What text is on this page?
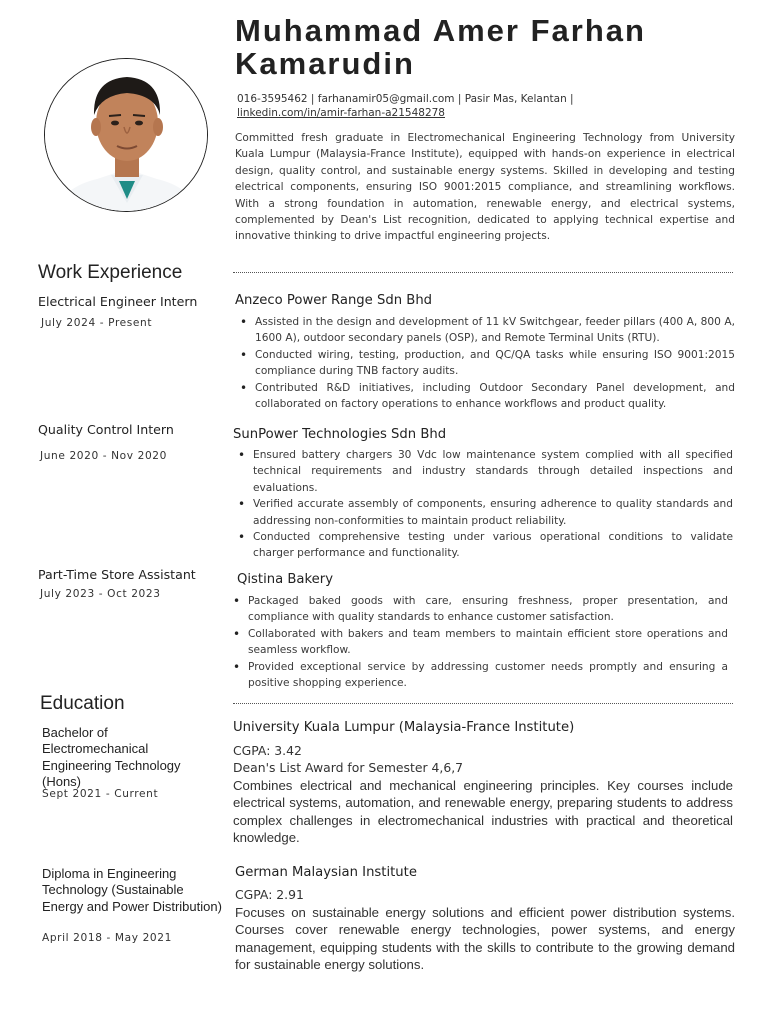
Muhammad Amer Farhan Kamarudin
016-3595462 | farhanamir05@gmail.com | Pasir Mas, Kelantan |
linkedin.com/in/amir-farhan-a21548278

Committed fresh graduate in Electromechanical Engineering Technology from University Kuala Lumpur (Malaysia-France Institute), equipped with hands-on experience in electrical design, quality control, and sustainable energy systems. Skilled in developing and testing electrical components, ensuring ISO 9001:2015 compliance, and streamlining workflows. With a strong foundation in automation, renewable energy, and electrical systems, complemented by Dean's List recognition, dedicated to applying technical expertise and innovative thinking to drive impactful engineering projects.

Work Experience
Electrical Engineer Intern
July 2024 - Present
Anzeco Power Range Sdn Bhd
• Assisted in the design and development of 11 kV Switchgear, feeder pillars (400 A, 800 A, 1600 A), outdoor secondary panels (OSP), and Remote Terminal Units (RTU).
• Conducted wiring, testing, production, and QC/QA tasks while ensuring ISO 9001:2015 compliance during TNB factory audits.
• Contributed R&D initiatives, including Outdoor Secondary Panel development, and collaborated on factory operations to enhance workflows and product quality.
Quality Control Intern
June 2020 - Nov 2020
SunPower Technologies Sdn Bhd
• Ensured battery chargers 30 Vdc low maintenance system complied with all specified technical requirements and industry standards through detailed inspections and evaluations.
• Verified accurate assembly of components, ensuring adherence to quality standards and addressing non-conformities to maintain product reliability.
• Conducted comprehensive testing under various operational conditions to validate charger performance and functionality.
Part-Time Store Assistant
July 2023 - Oct 2023
Qistina Bakery
• Packaged baked goods with care, ensuring freshness, proper presentation, and compliance with quality standards to enhance customer satisfaction.
• Collaborated with bakers and team members to maintain efficient store operations and seamless workflow.
• Provided exceptional service by addressing customer needs promptly and ensuring a positive shopping experience.
Education
Bachelor of Electromechanical Engineering Technology (Hons)
Sept 2021 - Current
University Kuala Lumpur (Malaysia-France Institute)
CGPA: 3.42
Dean's List Award for Semester 4,6,7

Combines electrical and mechanical engineering principles. Key courses include electrical systems, automation, and renewable energy, preparing students to address complex challenges in electromechanical industries with practical and theoretical knowledge.

Diploma in Engineering Technology (Sustainable Energy and Power Distribution)
April 2018 - May 2021
German Malaysian Institute
CGPA: 2.91

Focuses on sustainable energy solutions and efficient power distribution systems. Courses cover renewable energy technologies, power systems, and energy management, equipping students with the skills to contribute to the growing demand for sustainable energy solutions.
